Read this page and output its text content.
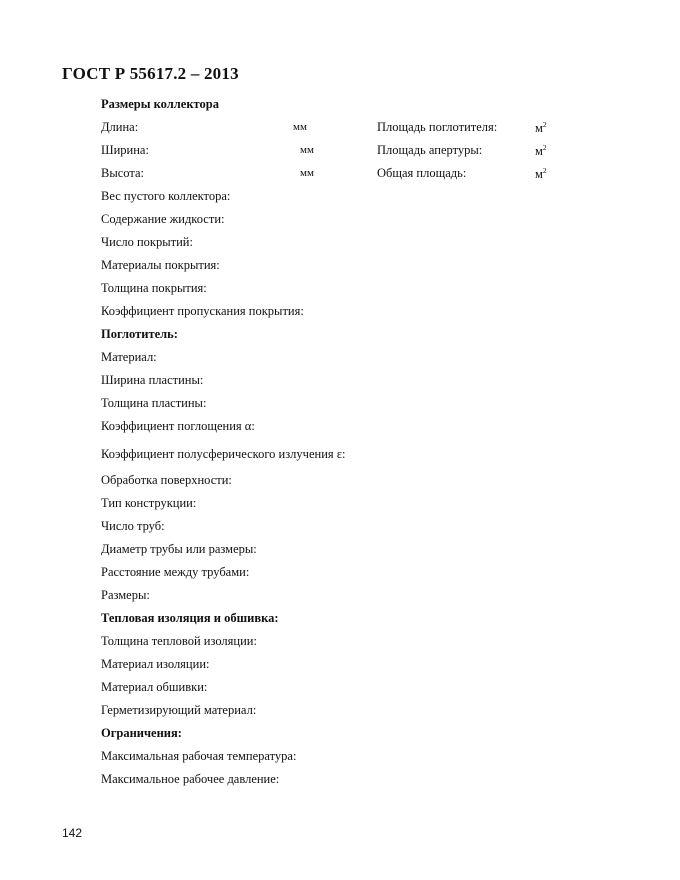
ГОСТ Р 55617.2 – 2013
Размеры коллектора
Длина:	мм	Площадь поглотителя:	$м^2$
Ширина:	мм	Площадь апертуры:	$м^2$
Высота:	мм	Общая площадь:	$м^2$
Вес пустого коллектора:
Содержание жидкости:
Число покрытий:
Материалы покрытия:
Толщина покрытия:
Коэффициент пропускания покрытия:
Поглотитель:
Материал:
Ширина пластины:
Толщина пластины:
Коэффициент поглощения α:
Коэффициент полусферического излучения ε:
Обработка поверхности:
Тип конструкции:
Число труб:
Диаметр трубы или размеры:
Расстояние между трубами:
Размеры:
Тепловая изоляция и обшивка:
Толщина тепловой изоляции:
Материал изоляции:
Материал обшивки:
Герметизирующий материал:
Ограничения:
Максимальная рабочая температура:
Максимальное рабочее давление:
142
